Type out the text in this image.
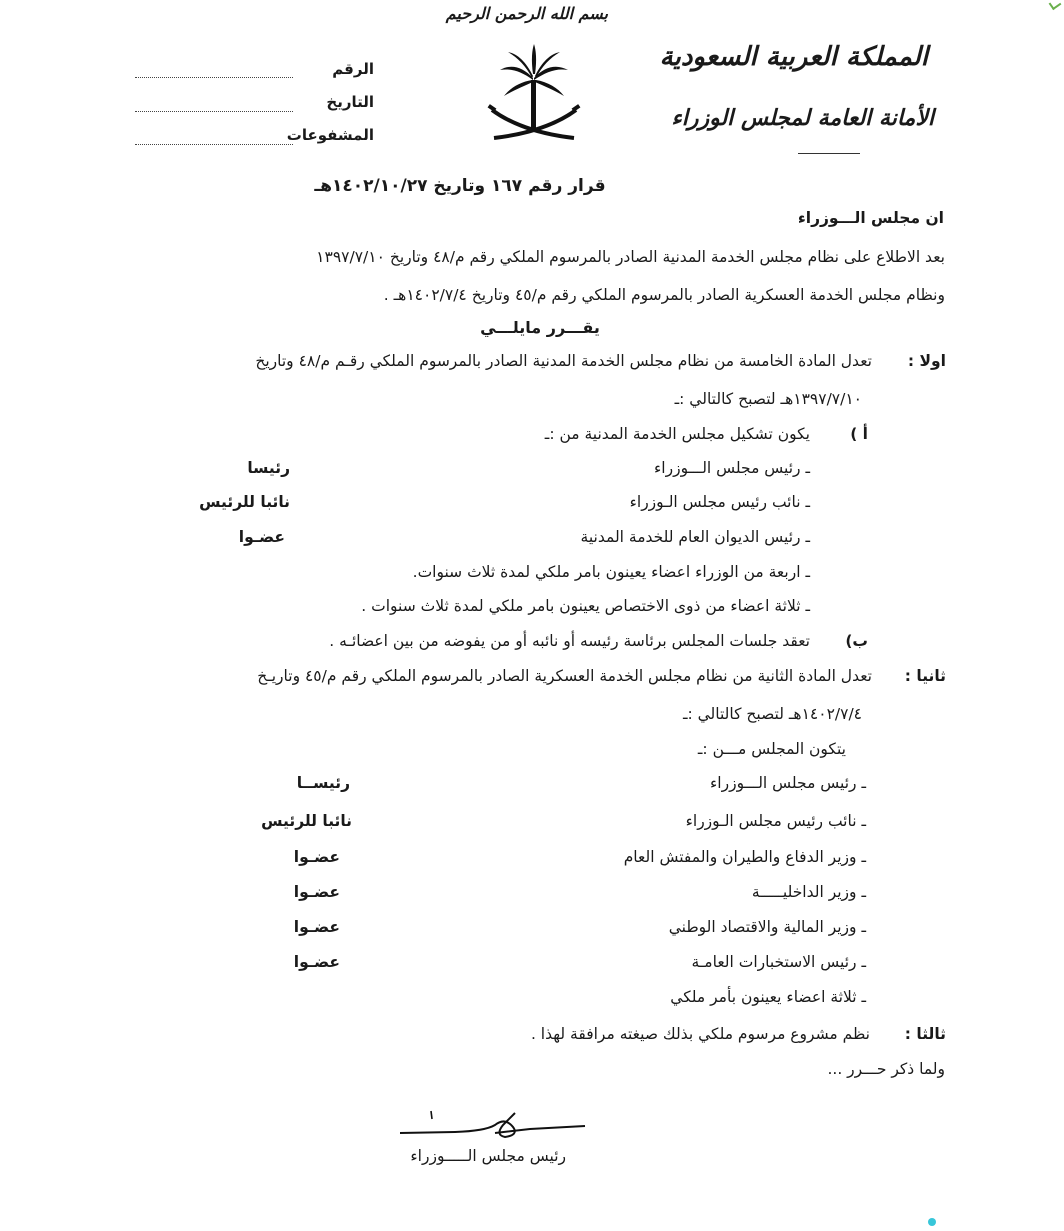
بسم الله الرحمن الرحيم
المملكة العربية السعودية
الأمانة العامة لمجلس الوزراء
الرقم
التاريخ
المشفوعات
قرار رقم ١٦٧ وتاريخ ١٤٠٢/١٠/٢٧هـ
ان مجلس الـــوزراء
بعد الاطلاع على نظام مجلس الخدمة المدنية الصادر بالمرسوم الملكي رقم م/٤٨ وتاريخ ١٣٩٧/٧/١٠
ونظام مجلس الخدمة العسكرية الصادر بالمرسوم الملكي رقم م/٤٥ وتاريخ ١٤٠٢/٧/٤هـ .
يقـــرر مايلـــي
اولا :
تعدل المادة الخامسة من نظام مجلس الخدمة المدنية الصادر بالمرسوم الملكي رقـم م/٤٨ وتاريخ
١٣٩٧/٧/١٠هـ لتصبح كالتالي :ـ
أ )
يكون تشكيل مجلس الخدمة المدنية من :ـ
ـ رئيس مجلس الـــوزراء
رئيسا
ـ نائب رئيس مجلس الـوزراء
نائبا للرئيس
ـ رئيس الديوان العام للخدمة المدنية
عضـوا
ـ اربعة من الوزراء اعضاء يعينون بامر ملكي لمدة ثلاث سنوات.
ـ ثلاثة اعضاء من ذوى الاختصاص يعينون بامر ملكي لمدة ثلاث سنوات .
ب)
تعقد جلسات المجلس برئاسة رئيسه أو نائبه أو من يفوضه من بين اعضائـه .
ثانيا :
تعدل المادة الثانية من نظام مجلس الخدمة العسكرية الصادر بالمرسوم الملكي رقم م/٤٥ وتاريـخ
١٤٠٢/٧/٤هـ لتصبح كالتالي :ـ
يتكون المجلس مـــن :ـ
ـ رئيس مجلس الـــوزراء
رئيســا
ـ نائب رئيس مجلس الـوزراء
نائبا للرئيس
ـ وزير الدفاع والطيران والمفتش العام
عضـوا
ـ وزير الداخليـــــة
عضـوا
ـ وزير المالية والاقتصاد الوطني
عضـوا
ـ رئيس الاستخبارات العامـة
عضـوا
ـ ثلاثة اعضاء يعينون بأمر ملكي
ثالثا :
نظم مشروع مرسوم ملكي بذلك صيغته مرافقة لهذا .
ولما ذكر حـــرر ...
رئيس مجلس الـــــوزراء
